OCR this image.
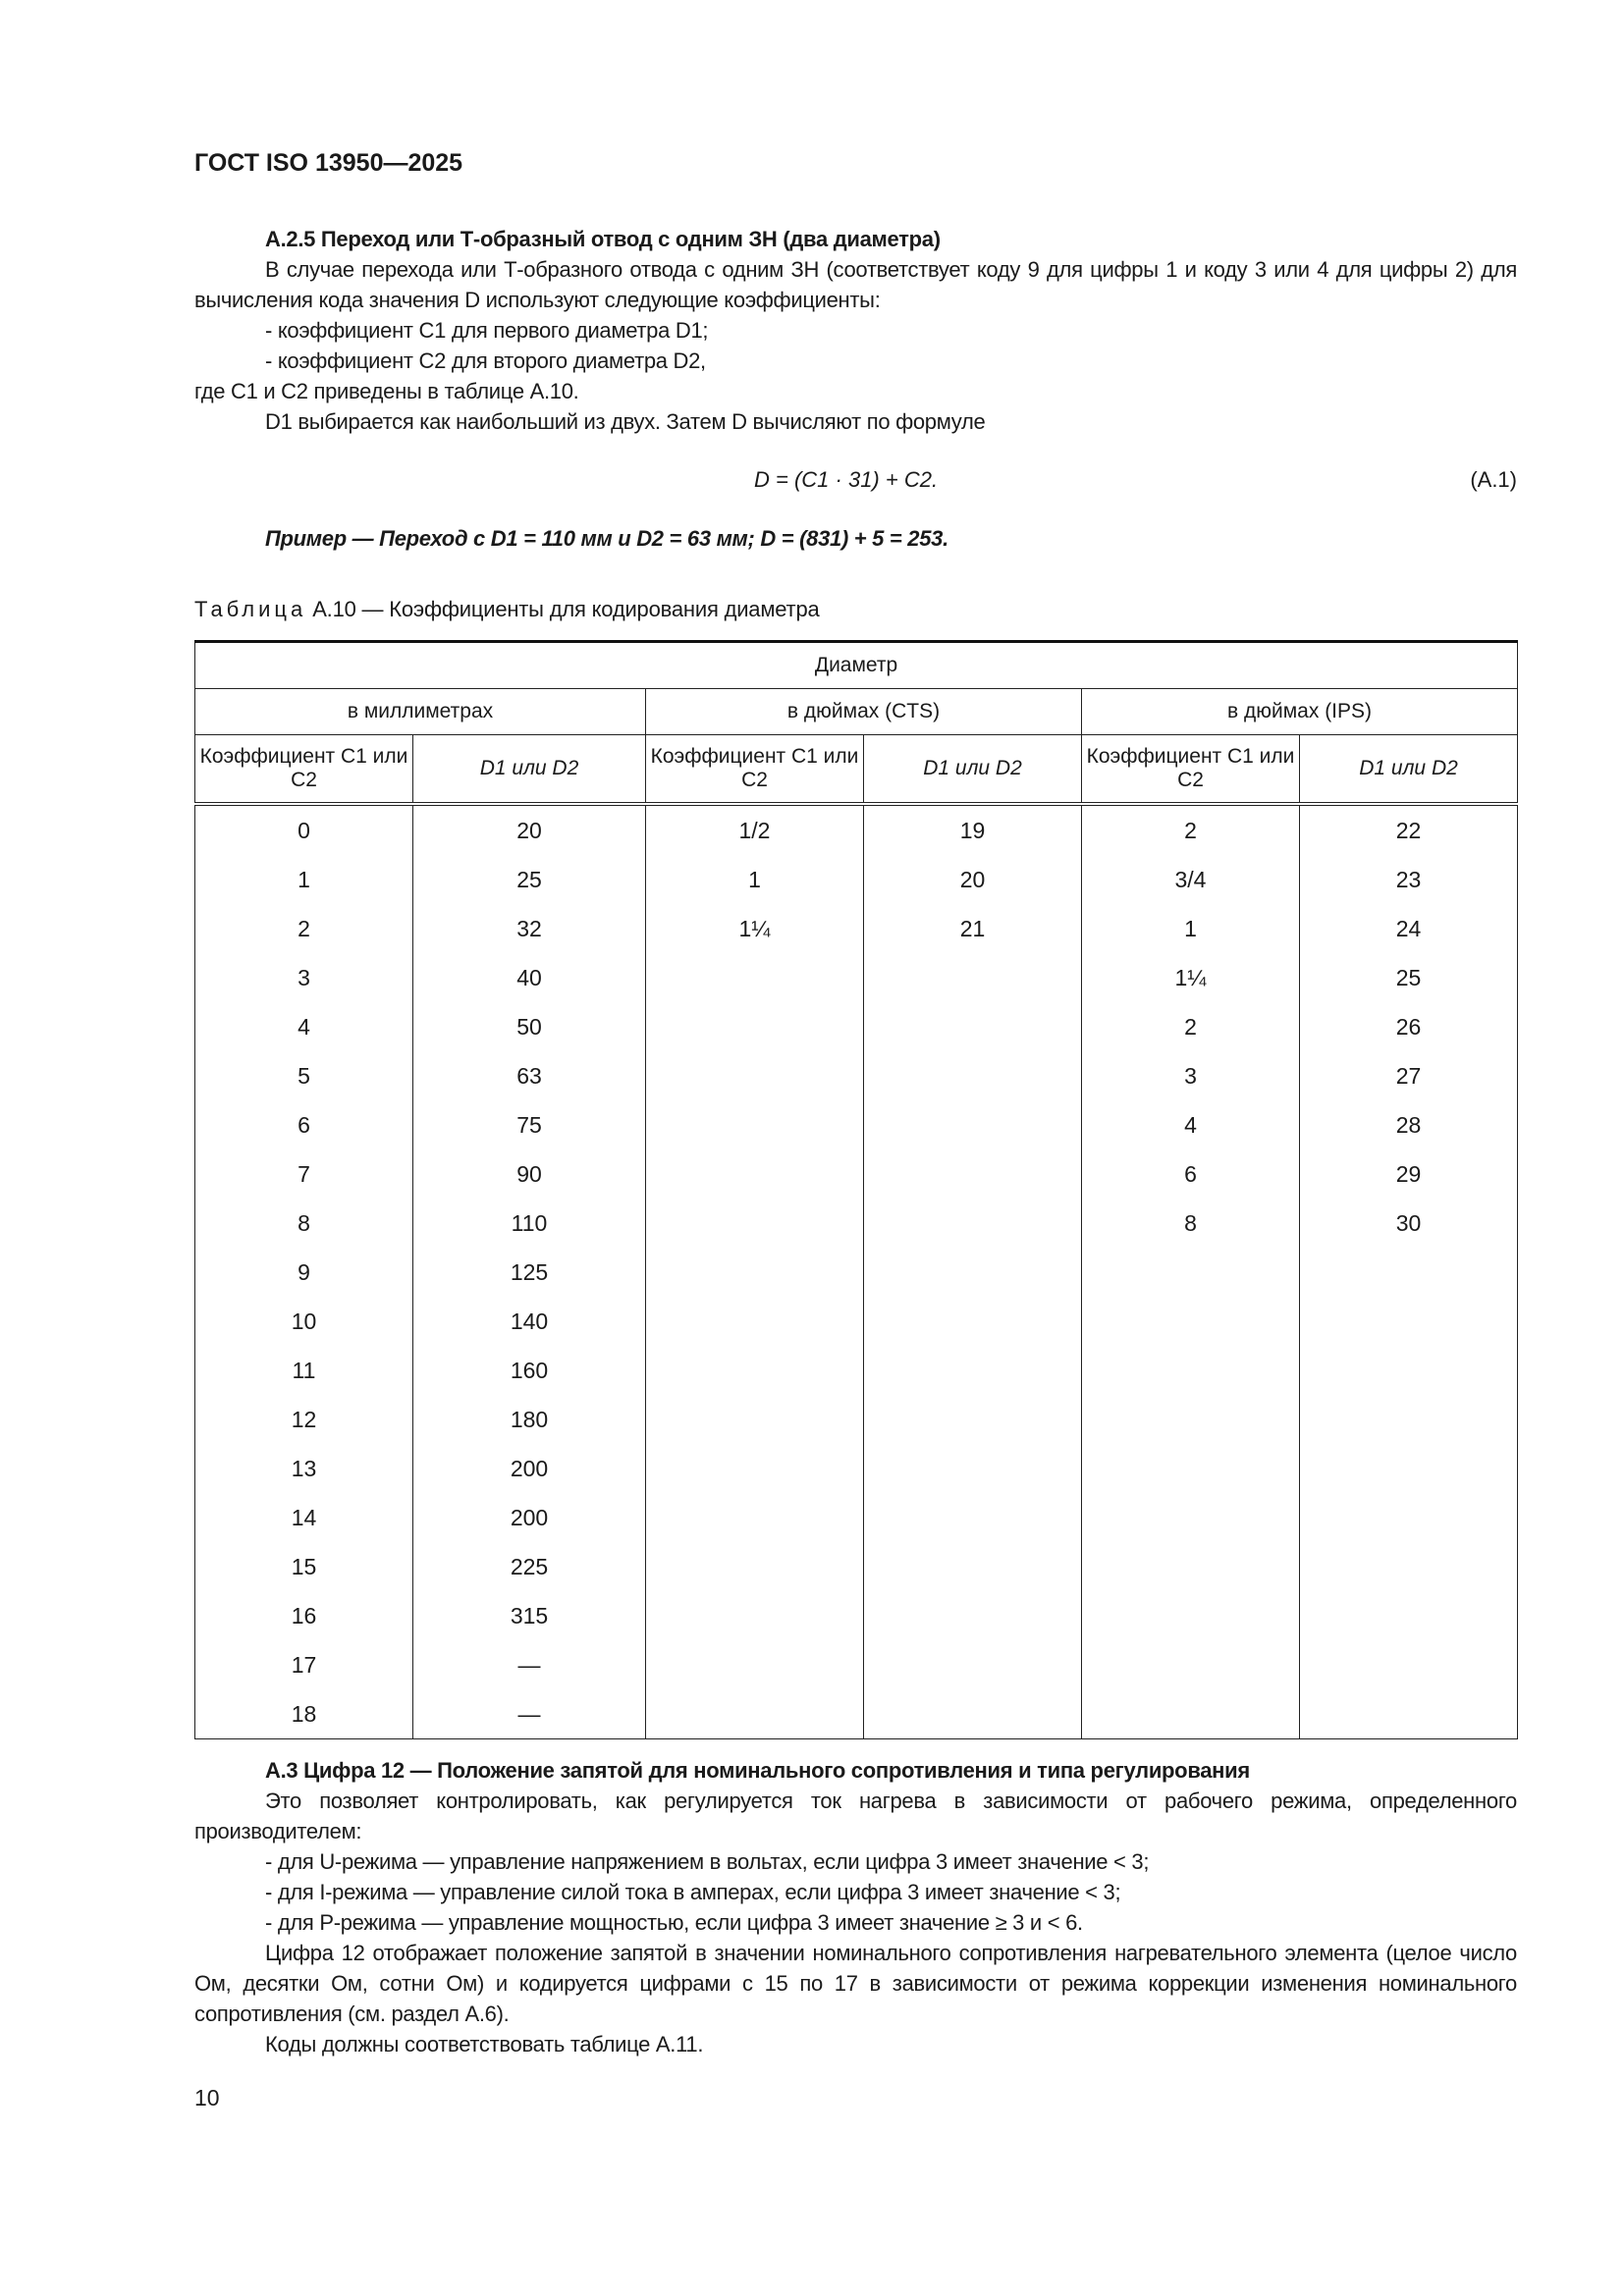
ГОСТ ISO 13950—2025

А.2.5 Переход или Т-образный отвод с одним ЗН (два диаметра)

В случае перехода или Т-образного отвода с одним ЗН (соответствует коду 9 для цифры 1 и коду 3 или 4 для цифры 2) для вычисления кода значения D используют следующие коэффициенты:

- коэффициент C1 для первого диаметра D1;

- коэффициент C2 для второго диаметра D2,

где C1 и C2 приведены в таблице А.10.

D1 выбирается как наибольший из двух. Затем D вычисляют по формуле

D = (C1 · 31) + C2.	(А.1)
Пример — Переход с D1 = 110 мм и D2 = 63 мм; D = (831) + 5 = 253.
Таблица А.10 — Коэффициенты для кодирования диаметра
Диаметр					
в миллиметрах		в дюймах (CTS)		в дюймах (IPS)	
Коэффициент C1 или C2	D1 или D2	Коэффициент C1 или C2	D1 или D2	Коэффициент C1 или C2	D1 или D2
0	20	1/2	19	2	22
1	25	1	20	3/4	23
2	32	1¼	21	1	24
3	40			1¼	25
4	50			2	26
5	63			3	27
6	75			4	28
7	90			6	29
8	110			8	30
9	125				
10	140				
11	160				
12	180				
13	200				
14	200				
15	225				
16	315				
17	—				
18	—				

А.3 Цифра 12 — Положение запятой для номинального сопротивления и типа регулирования

Это позволяет контролировать, как регулируется ток нагрева в зависимости от рабочего режима, определенного производителем:

- для U-режима — управление напряжением в вольтах, если цифра 3 имеет значение < 3;

- для I-режима — управление силой тока в амперах, если цифра 3 имеет значение < 3;

- для P-режима — управление мощностью, если цифра 3 имеет значение ≥ 3 и < 6.

Цифра 12 отображает положение запятой в значении номинального сопротивления нагревательного элемента (целое число Ом, десятки Ом, сотни Ом) и кодируется цифрами с 15 по 17 в зависимости от режима коррекции изменения номинального сопротивления (см. раздел А.6).

Коды должны соответствовать таблице А.11.

10
